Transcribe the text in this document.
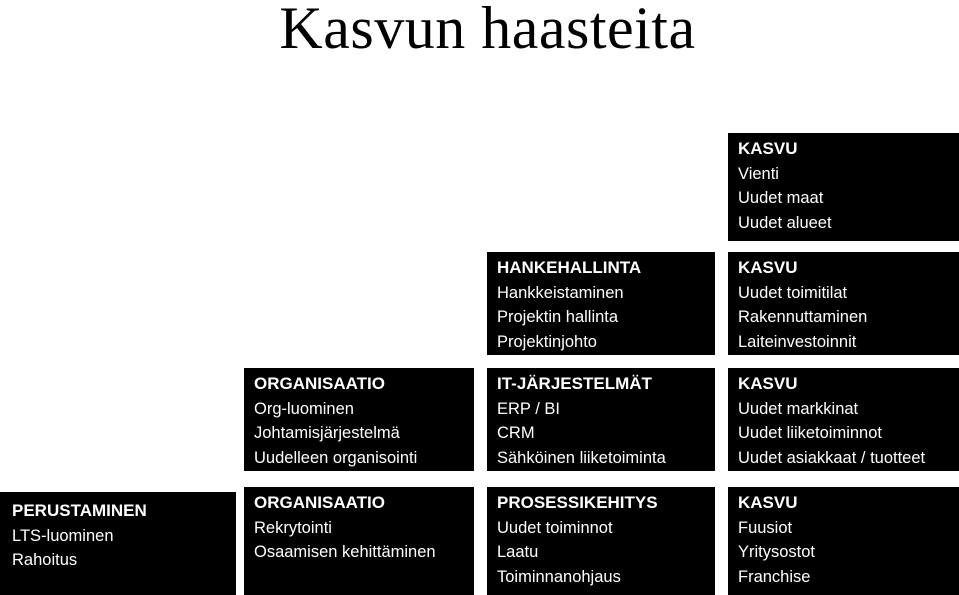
Kasvun haasteita
PERUSTAMINEN
LTS-luominen
Rahoitus
ORGANISAATIO
Org-luominen
Johtamisjärjestelmä
Uudelleen organisointi
ORGANISAATIO
Rekrytointi
Osaamisen kehittäminen
HANKEHALLINTA
Hankkeistaminen
Projektin hallinta
Projektinjohto
IT-JÄRJESTELMÄT
ERP / BI
CRM
Sähköinen liiketoiminta
PROSESSIKEHITYS
Uudet toiminnot
Laatu
Toiminnanohjaus
KASVU
Vienti
Uudet maat
Uudet alueet
KASVU
Uudet toimitilat
Rakennuttaminen
Laiteinvestoinnit
KASVU
Uudet markkinat
Uudet liiketoiminnot
Uudet asiakkaat / tuotteet
KASVU
Fuusiot
Yritysostot
Franchise
